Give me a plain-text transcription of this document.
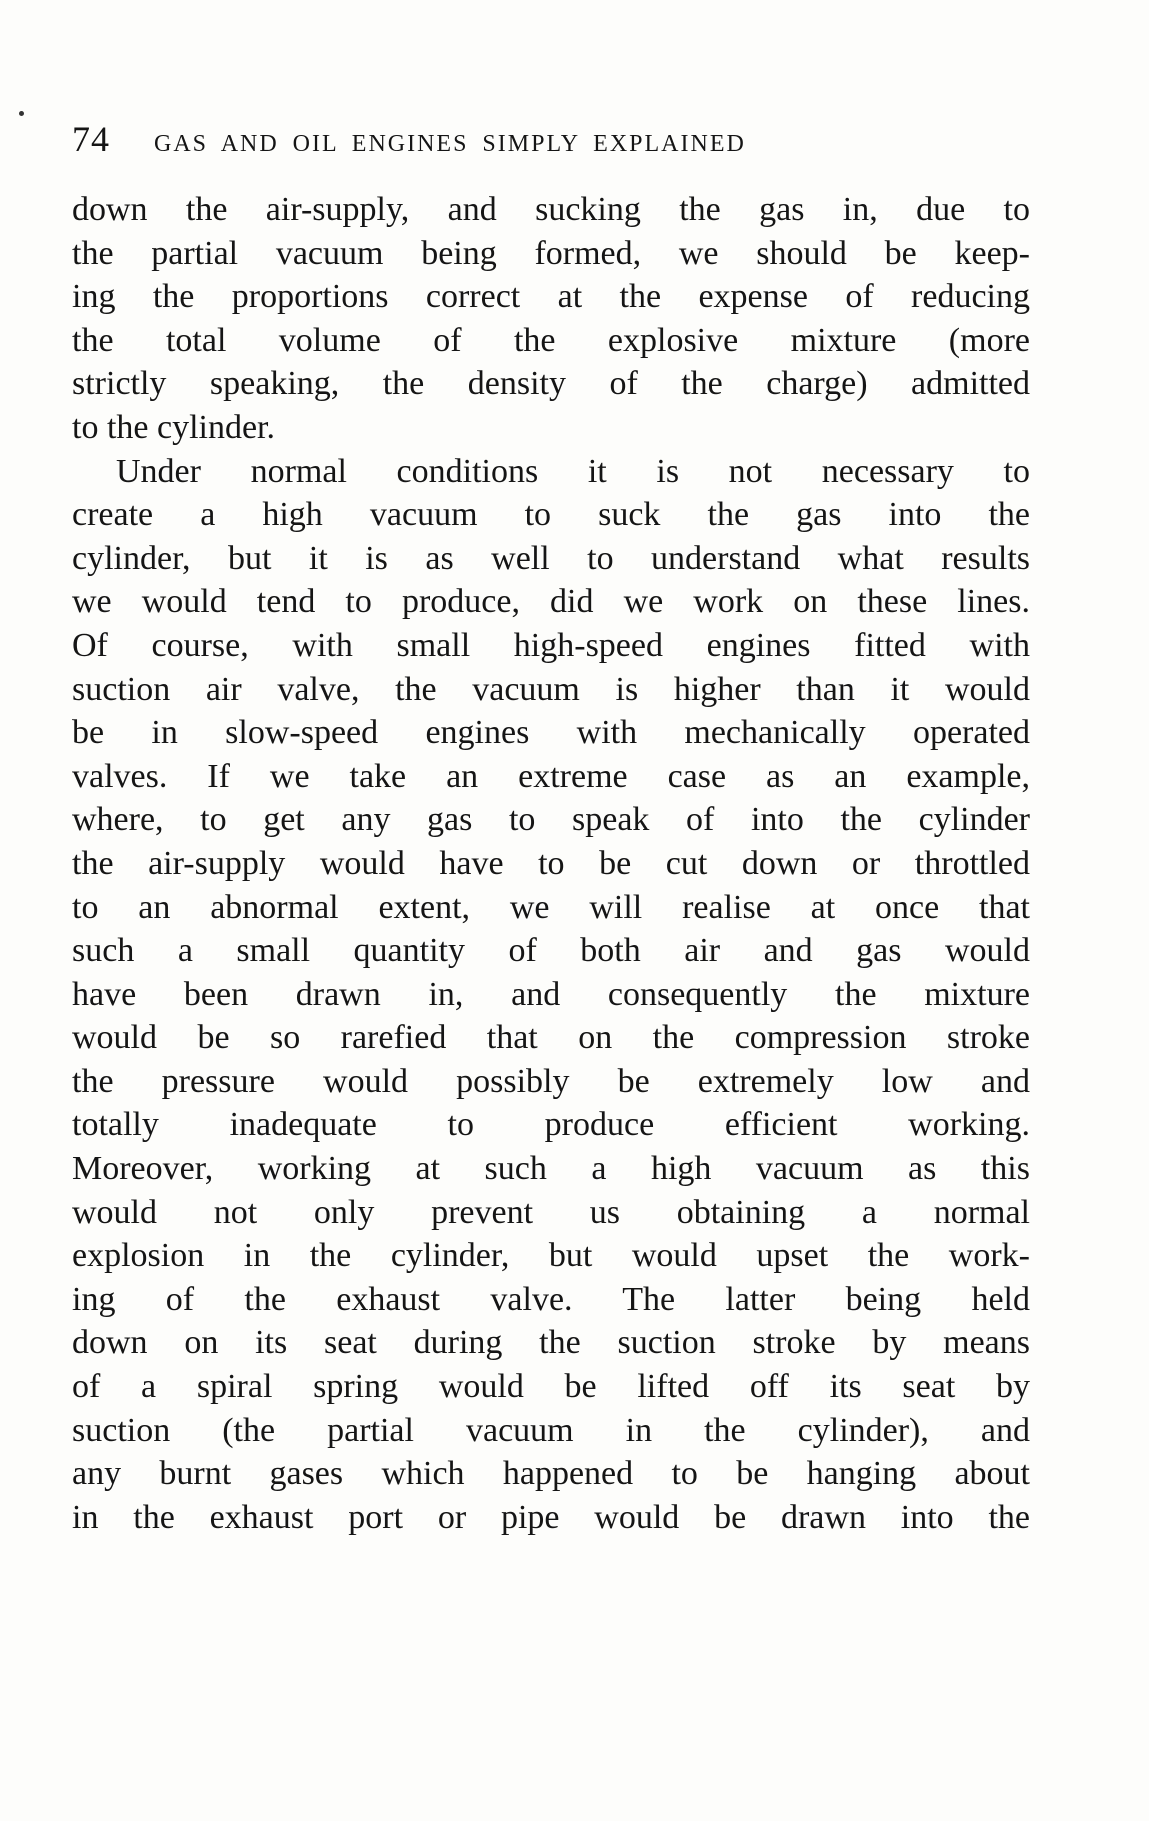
74 GAS AND OIL ENGINES SIMPLY EXPLAINED
down the air-supply, and sucking the gas in, due to
the partial vacuum being formed, we should be keep-
ing the proportions correct at the expense of reducing
the total volume of the explosive mixture (more
strictly speaking, the density of the charge) admitted
to the cylinder.
Under normal conditions it is not necessary to
create a high vacuum to suck the gas into the
cylinder, but it is as well to understand what results
we would tend to produce, did we work on these lines.
Of course, with small high-speed engines fitted with
suction air valve, the vacuum is higher than it would
be in slow-speed engines with mechanically operated
valves. If we take an extreme case as an example,
where, to get any gas to speak of into the cylinder
the air-supply would have to be cut down or throttled
to an abnormal extent, we will realise at once that
such a small quantity of both air and gas would
have been drawn in, and consequently the mixture
would be so rarefied that on the compression stroke
the pressure would possibly be extremely low and
totally inadequate to produce efficient working.
Moreover, working at such a high vacuum as this
would not only prevent us obtaining a normal
explosion in the cylinder, but would upset the work-
ing of the exhaust valve. The latter being held
down on its seat during the suction stroke by means
of a spiral spring would be lifted off its seat by
suction (the partial vacuum in the cylinder), and
any burnt gases which happened to be hanging about
in the exhaust port or pipe would be drawn into the
